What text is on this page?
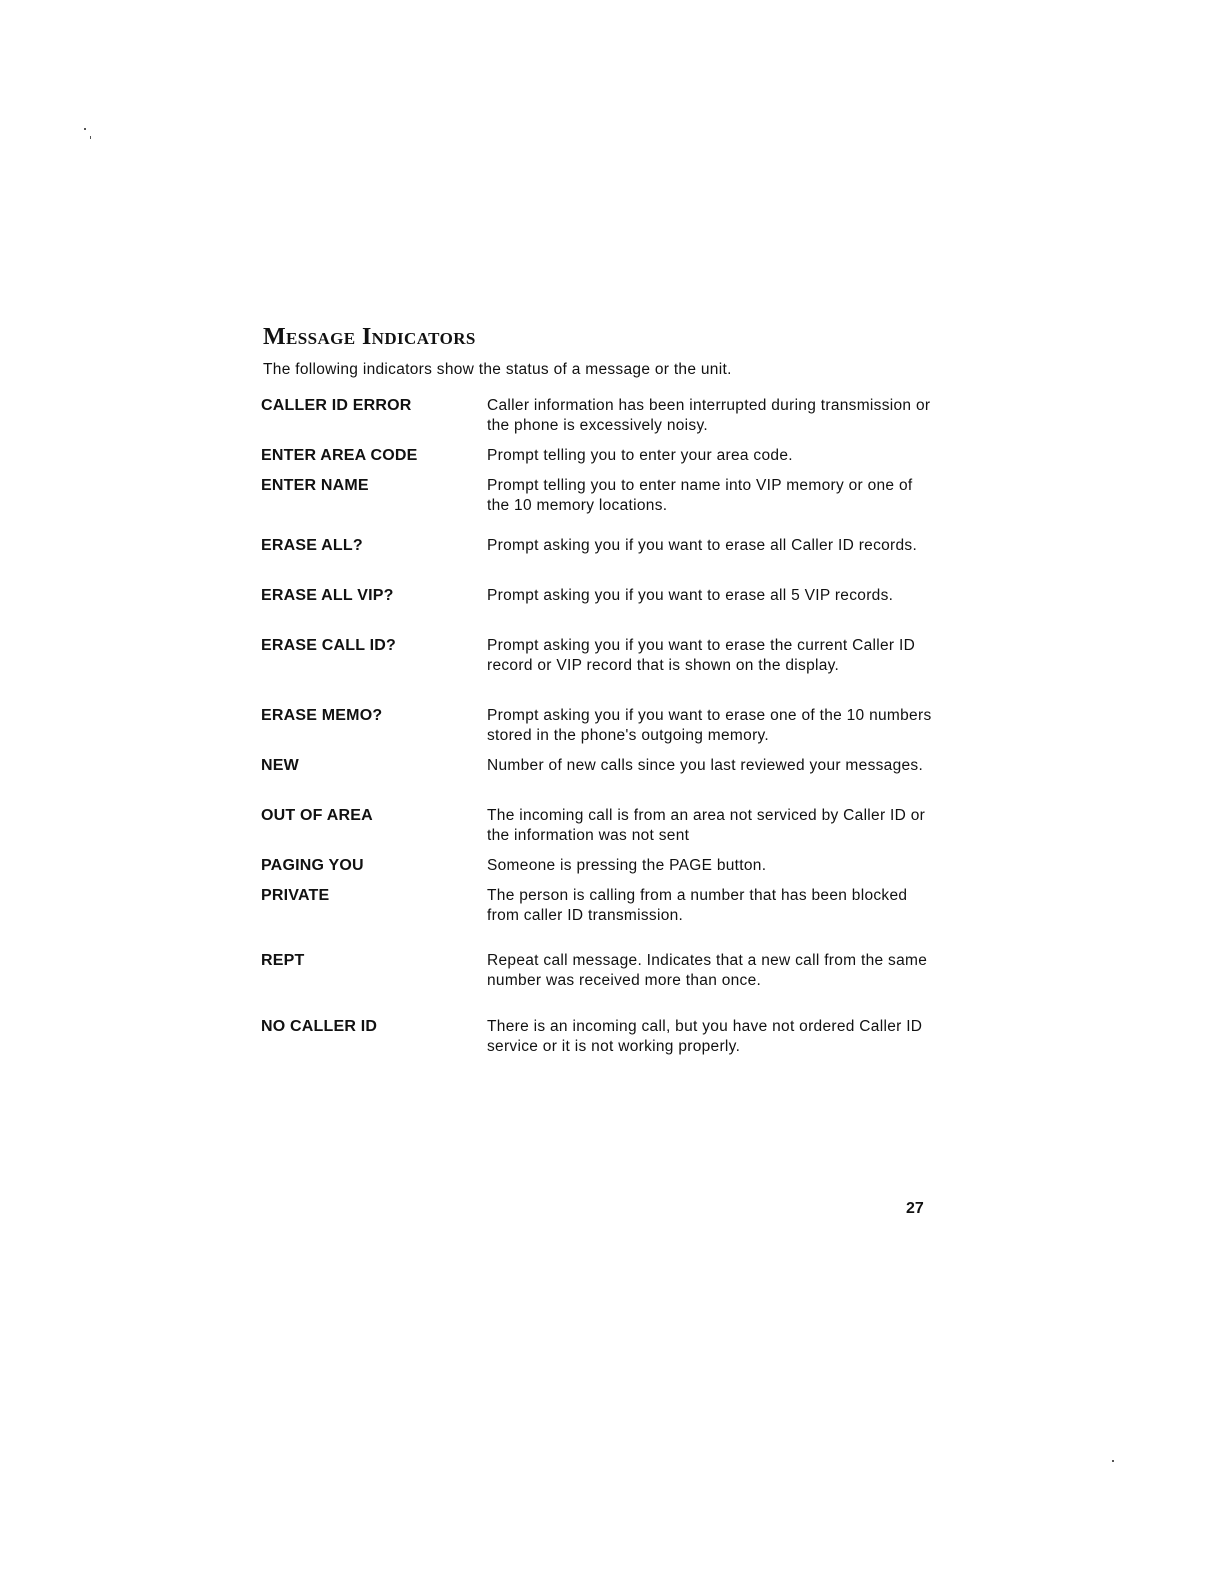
Message Indicators

The following indicators show the status of a message or the unit.

CALLER ID ERROR	Caller information has been interrupted during transmission or the phone is excessively noisy.
ENTER AREA CODE	Prompt telling you to enter your area code.
ENTER NAME	Prompt telling you to enter name into VIP memory or one of the 10 memory locations.
ERASE ALL?	Prompt asking you if you want to erase all Caller ID records.
ERASE ALL VIP?	Prompt asking you if you want to erase all 5 VIP records.
ERASE CALL ID?	Prompt asking you if you want to erase the current Caller ID record or VIP record that is shown on the display.
ERASE MEMO?	Prompt asking you if you want to erase one of the 10 numbers stored in the phone's outgoing memory.
NEW	Number of new calls since you last reviewed your messages.
OUT OF AREA	The incoming call is from an area not serviced by Caller ID or the information was not sent
PAGING YOU	Someone is pressing the PAGE button.
PRIVATE	The person is calling from a number that has been blocked from caller ID transmission.
REPT	Repeat call message. Indicates that a new call from the same number was received more than once.
NO CALLER ID	There is an incoming call, but you have not ordered Caller ID service or it is not working properly.

27
